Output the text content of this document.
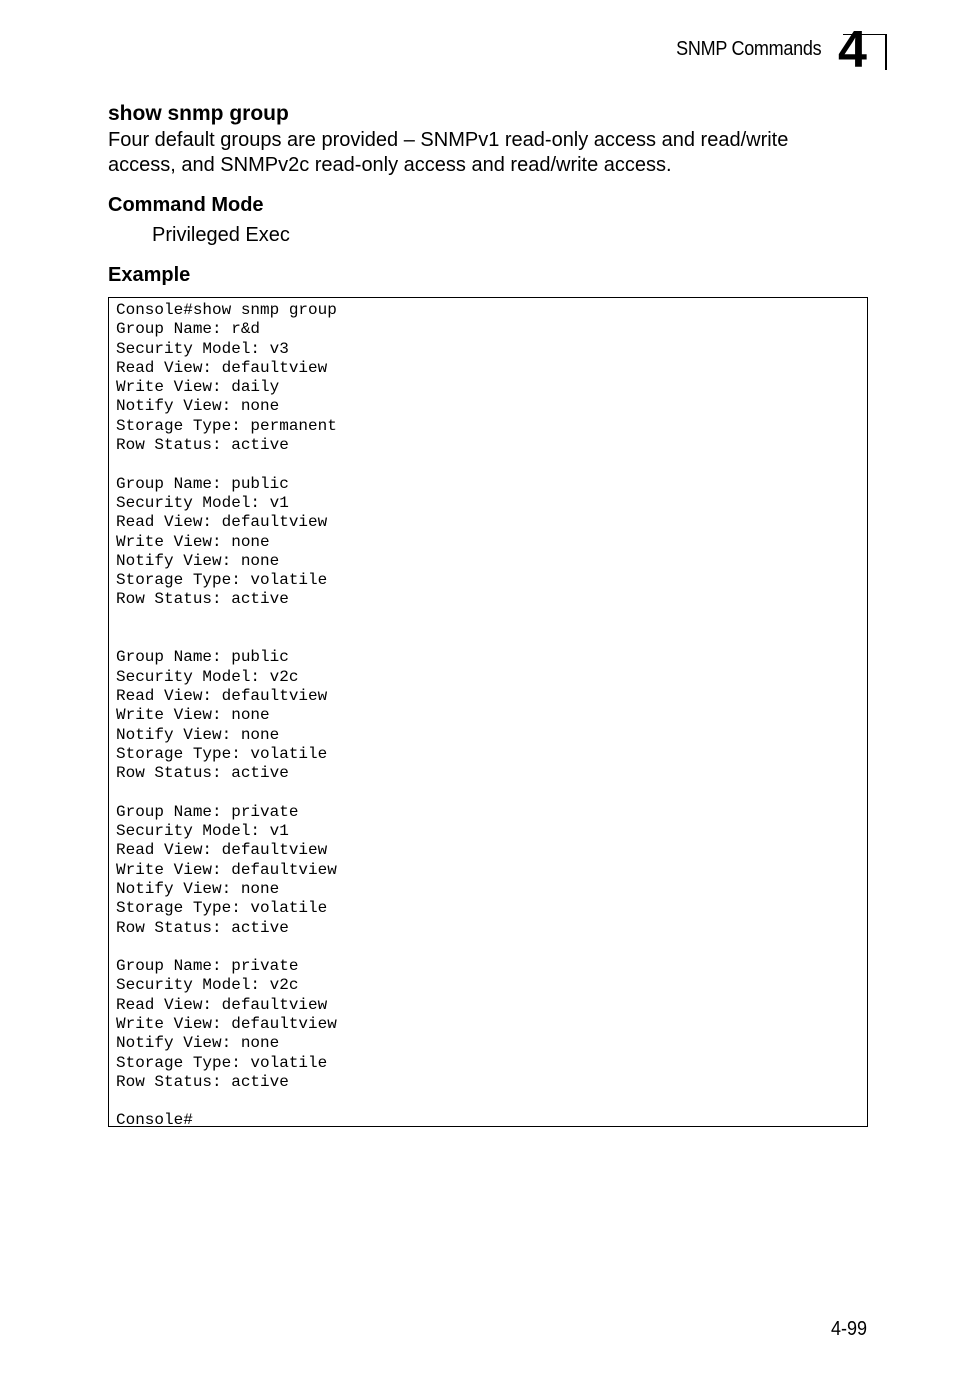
SNMP Commands 4
show snmp group
Four default groups are provided – SNMPv1 read-only access and read/write access, and SNMPv2c read-only access and read/write access.
Command Mode
Privileged Exec
Example
Console#show snmp group
Group Name: r&d
Security Model: v3
Read View: defaultview
Write View: daily
Notify View: none
Storage Type: permanent
Row Status: active
Group Name: public
Security Model: v1
Read View: defaultview
Write View: none
Notify View: none
Storage Type: volatile
Row Status: active
Group Name: public
Security Model: v2c
Read View: defaultview
Write View: none
Notify View: none
Storage Type: volatile
Row Status: active
Group Name: private
Security Model: v1
Read View: defaultview
Write View: defaultview
Notify View: none
Storage Type: volatile
Row Status: active
Group Name: private
Security Model: v2c
Read View: defaultview
Write View: defaultview
Notify View: none
Storage Type: volatile
Row Status: active
Console#
4-99
